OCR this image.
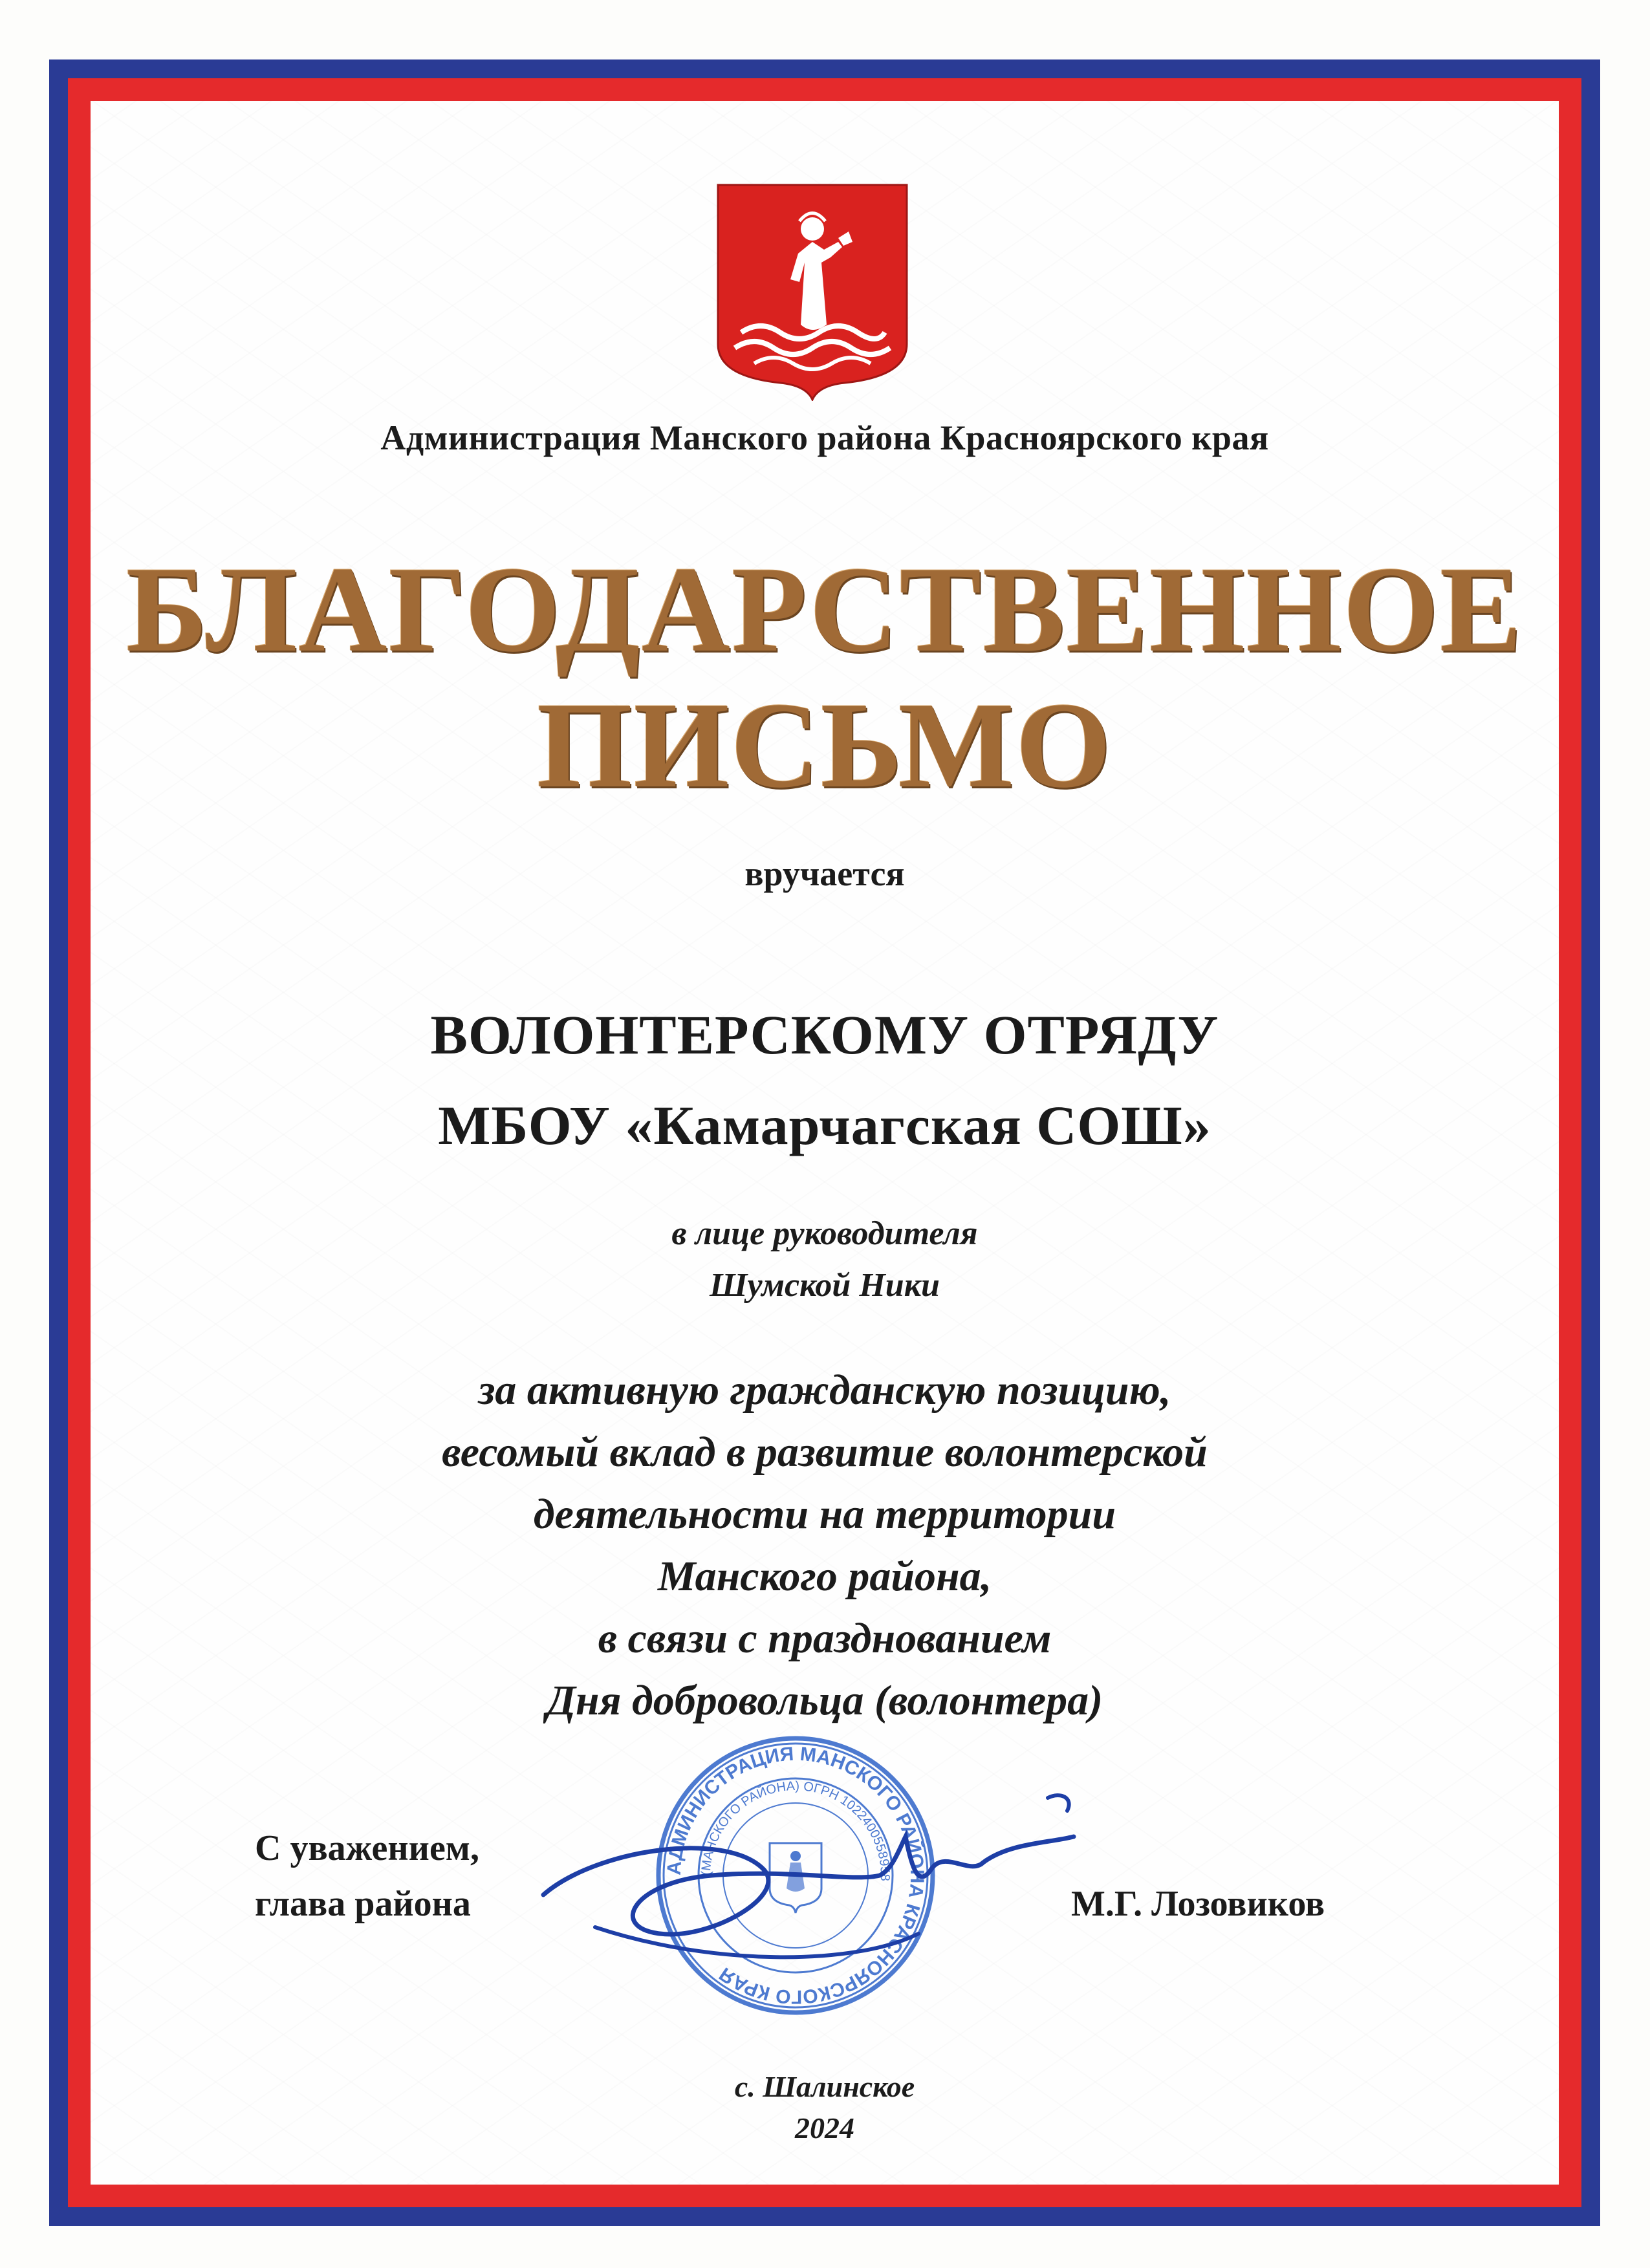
Администрация Манского района Красноярского края
БЛАГОДАРСТВЕННОЕ
ПИСЬМО
вручается
ВОЛОНТЕРСКОМУ ОТРЯДУ
МБОУ «Камарчагская СОШ»
в лице руководителя
Шумской Ники
за активную гражданскую позицию,
весомый вклад в развитие волонтерской
деятельности на территории
Манского района,
в связи с празднованием
Дня добровольца (волонтера)
АДМИНИСТРАЦИЯ МАНСКОГО РАЙОНА КРАСНОЯРСКОГО КРАЯ
(МАНСКОГО РАЙОНА) ОГРН 1022400558958
С уважением,
глава района	М.Г. Лозовиков
с. Шалинское
2024
